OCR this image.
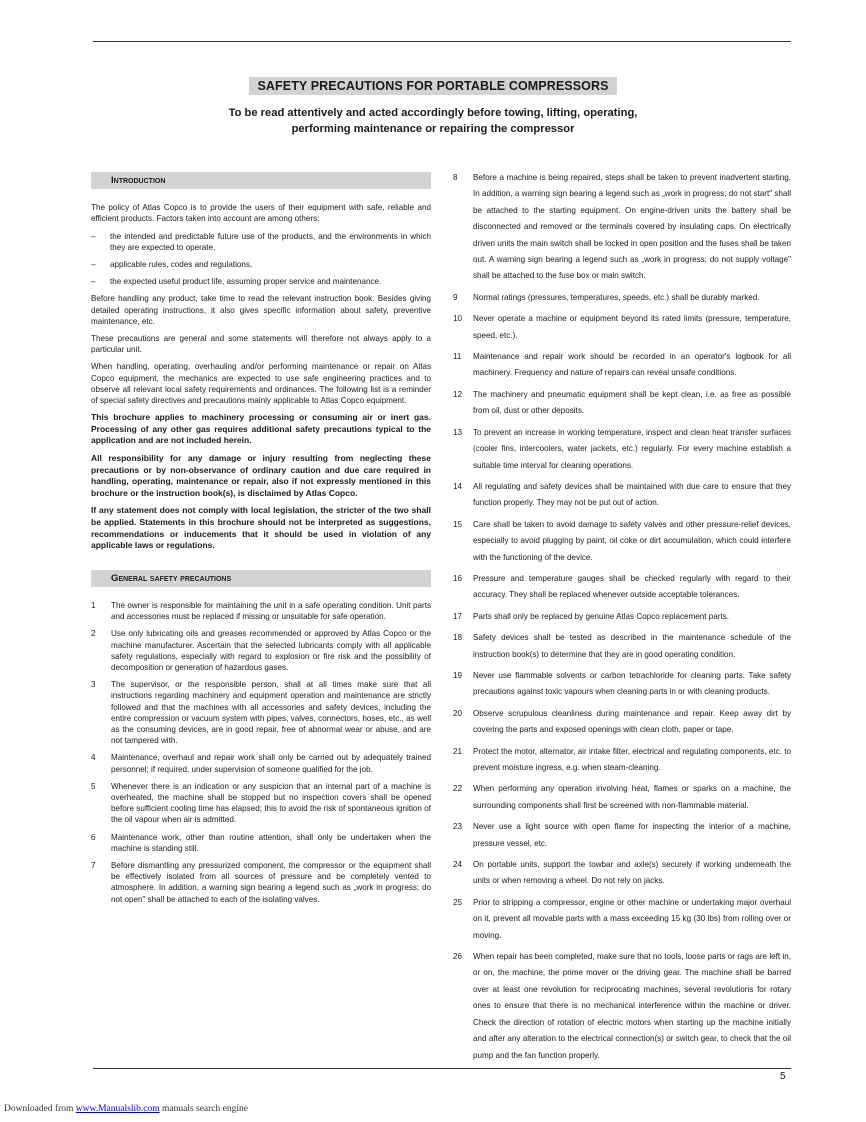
SAFETY PRECAUTIONS FOR PORTABLE COMPRESSORS
To be read attentively and acted accordingly before towing, lifting, operating,
performing maintenance or repairing the compressor
Introduction

The policy of Atlas Copco is to provide the users of their equipment with safe, reliable and efficient products. Factors taken into account are among others:

–	the intended and predictable future use of the products, and the environments in which they are expected to operate,
–	applicable rules, codes and regulations,
–	the expected useful product life, assuming proper service and maintenance.

Before handling any product, take time to read the relevant instruction book. Besides giving detailed operating instructions, it also gives specific information about safety, preventive maintenance, etc.

These precautions are general and some statements will therefore not always apply to a particular unit.

When handling, operating, overhauling and/or performing maintenance or repair on Atlas Copco equipment, the mechanics are expected to use safe engineering practices and to observe all relevant local safety requirements and ordinances. The following list is a reminder of special safety directives and precautions mainly applicable to Atlas Copco equipment.

This brochure applies to machinery processing or consuming air or inert gas. Processing of any other gas requires additional safety precautions typical to the application and are not included herein.

All responsibility for any damage or injury resulting from neglecting these precautions or by non-observance of ordinary caution and due care required in handling, operating, maintenance or repair, also if not expressly mentioned in this brochure or the instruction book(s), is disclaimed by Atlas Copco.

If any statement does not comply with local legislation, the stricter of the two shall be applied. Statements in this brochure should not be interpreted as suggestions, recommendations or inducements that it should be used in violation of any applicable laws or regulations.

General safety precautions
1	The owner is responsible for maintaining the unit in a safe operating condition. Unit parts and accessories must be replaced if missing or unsuitable for safe operation.
2	Use only lubricating oils and greases recommended or approved by Atlas Copco or the machine manufacturer. Ascertain that the selected lubricants comply with all applicable safety regulations, especially with regard to explosion or fire risk and the possibility of decomposition or generation of hazardous gases.
3	The supervisor, or the responsible person, shall at all times make sure that all instructions regarding machinery and equipment operation and maintenance are strictly followed and that the machines with all accessories and safety devices, including the entire compression or vacuum system with pipes, valves, connectors, hoses, etc., as well as the consuming devices, are in good repair, free of abnormal wear or abuse, and are not tampered with.
4	Maintenance, overhaul and repair work shall only be carried out by adequately trained personnel; if required, under supervision of someone qualified for the job.
5	Whenever there is an indication or any suspicion that an internal part of a machine is overheated, the machine shall be stopped but no inspection covers shall be opened before sufficient cooling time has elapsed; this to avoid the risk of spontaneous ignition of the oil vapour when air is admitted.
6	Maintenance work, other than routine attention, shall only be undertaken when the machine is standing still.
7	Before dismantling any pressurized component, the compressor or the equipment shall be effectively isolated from all sources of pressure and be completely vented to atmosphere. In addition, a warning sign bearing a legend such as „work in progress; do not open" shall be attached to each of the isolating valves.
8	Before a machine is being repaired, steps shall be taken to prevent inadvertent starting. In addition, a warning sign bearing a legend such as „work in progress; do not start" shall be attached to the starting equipment. On engine-driven units the battery shall be disconnected and removed or the terminals covered by insulating caps. On electrically driven units the main switch shall be locked in open position and the fuses shall be taken out. A warning sign bearing a legend such as „work in progress; do not supply voltage" shall be attached to the fuse box or main switch.
9	Normal ratings (pressures, temperatures, speeds, etc.) shall be durably marked.
10	Never operate a machine or equipment beyond its rated limits (pressure, temperature, speed, etc.).
11	Maintenance and repair work should be recorded in an operator's logbook for all machinery. Frequency and nature of repairs can reveal unsafe conditions.
12	The machinery and pneumatic equipment shall be kept clean, i.e. as free as possible from oil, dust or other deposits.
13	To prevent an increase in working temperature, inspect and clean heat transfer surfaces (cooler fins, intercoolers, water jackets, etc.) regularly. For every machine establish a suitable time interval for cleaning operations.
14	All regulating and safety devices shall be maintained with due care to ensure that they function properly. They may not be put out of action.
15	Care shall be taken to avoid damage to safety valves and other pressure-relief devices, especially to avoid plugging by paint, oil coke or dirt accumulation, which could interfere with the functioning of the device.
16	Pressure and temperature gauges shall be checked regularly with regard to their accuracy. They shall be replaced whenever outside acceptable tolerances.
17	Parts shall only be replaced by genuine Atlas Copco replacement parts.
18	Safety devices shall be tested as described in the maintenance schedule of the instruction book(s) to determine that they are in good operating condition.
19	Never use flammable solvents or carbon tetrachloride for cleaning parts. Take safety precautions against toxic vapours when cleaning parts in or with cleaning products.
20	Observe scrupulous cleanliness during maintenance and repair. Keep away dirt by covering the parts and exposed openings with clean cloth, paper or tape.
21	Protect the motor, alternator, air intake filter, electrical and regulating components, etc. to prevent moisture ingress, e.g. when steam-cleaning.
22	When performing any operation involving heat, flames or sparks on a machine, the surrounding components shall first be screened with non-flammable material.
23	Never use a light source with open flame for inspecting the interior of a machine, pressure vessel, etc.
24	On portable units, support the towbar and axle(s) securely if working underneath the units or when removing a wheel. Do not rely on jacks.
25	Prior to stripping a compressor, engine or other machine or undertaking major overhaul on it, prevent all movable parts with a mass exceeding 15 kg (30 lbs) from rolling over or moving.
26	When repair has been completed, make sure that no tools, loose parts or rags are left in, or on, the machine, the prime mover or the driving gear. The machine shall be barred over at least one revolution for reciprocating machines, several revolutions for rotary ones to ensure that there is no mechanical interference within the machine or driver. Check the direction of rotation of electric motors when starting up the machine initially and after any alteration to the electrical connection(s) or switch gear, to check that the oil pump and the fan function properly.
5
Downloaded from www.Manualslib.com manuals search engine
